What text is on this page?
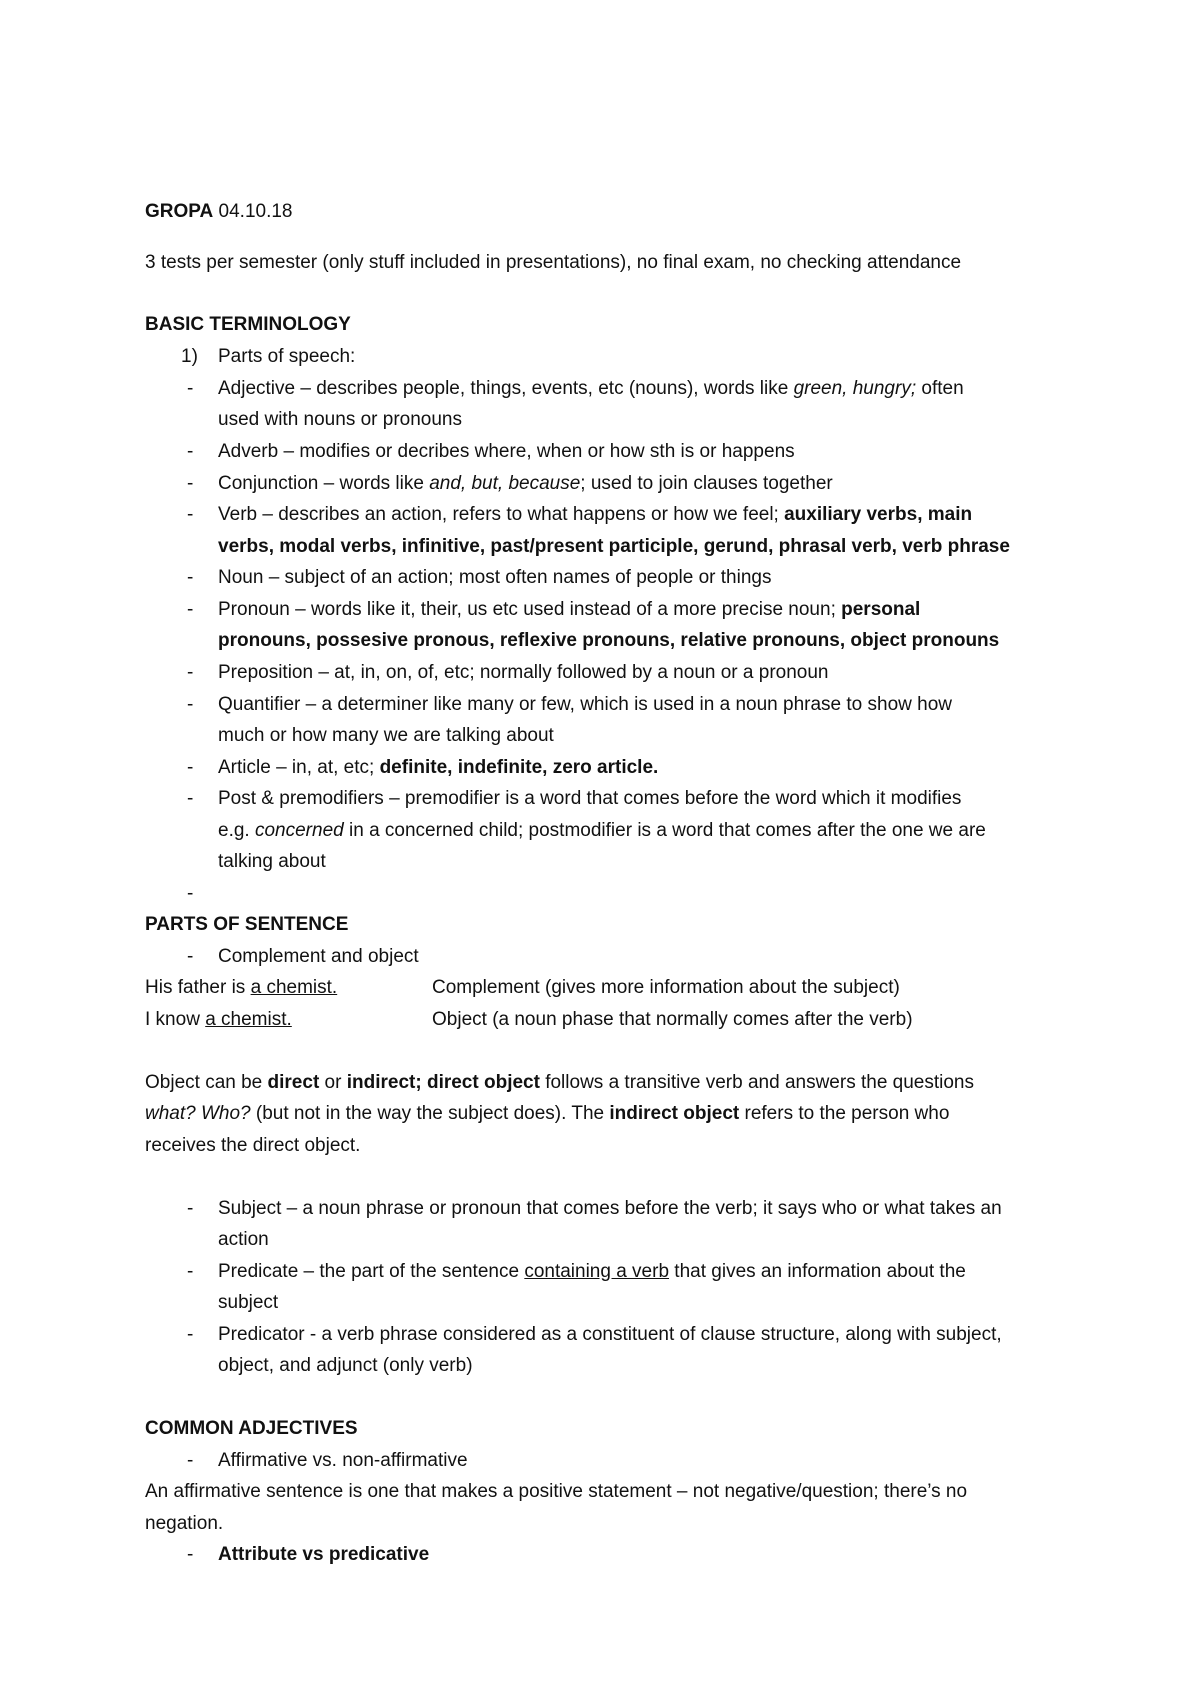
GROPA 04.10.18
3 tests per semester (only stuff included in presentations), no final exam, no checking attendance
BASIC TERMINOLOGY
1) Parts of speech:
- Adjective – describes people, things, events, etc (nouns), words like green, hungry; often
used with nouns or pronouns
- Adverb – modifies or decribes where, when or how sth is or happens
- Conjunction – words like and, but, because; used to join clauses together
- Verb – describes an action, refers to what happens or how we feel; auxiliary verbs, main
verbs, modal verbs, infinitive, past/present participle, gerund, phrasal verb, verb phrase
- Noun – subject of an action; most often names of people or things
- Pronoun – words like it, their, us etc used instead of a more precise noun; personal
pronouns, possesive pronous, reflexive pronouns, relative pronouns, object pronouns
- Preposition – at, in, on, of, etc; normally followed by a noun or a pronoun
- Quantifier – a determiner like many or few, which is used in a noun phrase to show how
much or how many we are talking about
- Article – in, at, etc; definite, indefinite, zero article.
- Post & premodifiers – premodifier is a word that comes before the word which it modifies
e.g. concerned in a concerned child; postmodifier is a word that comes after the one we are
talking about
-
PARTS OF SENTENCE
- Complement and object
His father is a chemist.	Complement (gives more information about the subject)
I know a chemist.	Object (a noun phase that normally comes after the verb)
Object can be direct or indirect; direct object follows a transitive verb and answers the questions
what? Who? (but not in the way the subject does). The indirect object refers to the person who
receives the direct object.
- Subject – a noun phrase or pronoun that comes before the verb; it says who or what takes an
action
- Predicate – the part of the sentence containing a verb that gives an information about the
subject
- Predicator - a verb phrase considered as a constituent of clause structure, along with subject,
object, and adjunct (only verb)
COMMON ADJECTIVES
- Affirmative vs. non-affirmative
An affirmative sentence is one that makes a positive statement – not negative/question; there’s no
negation.
- Attribute vs predicative
